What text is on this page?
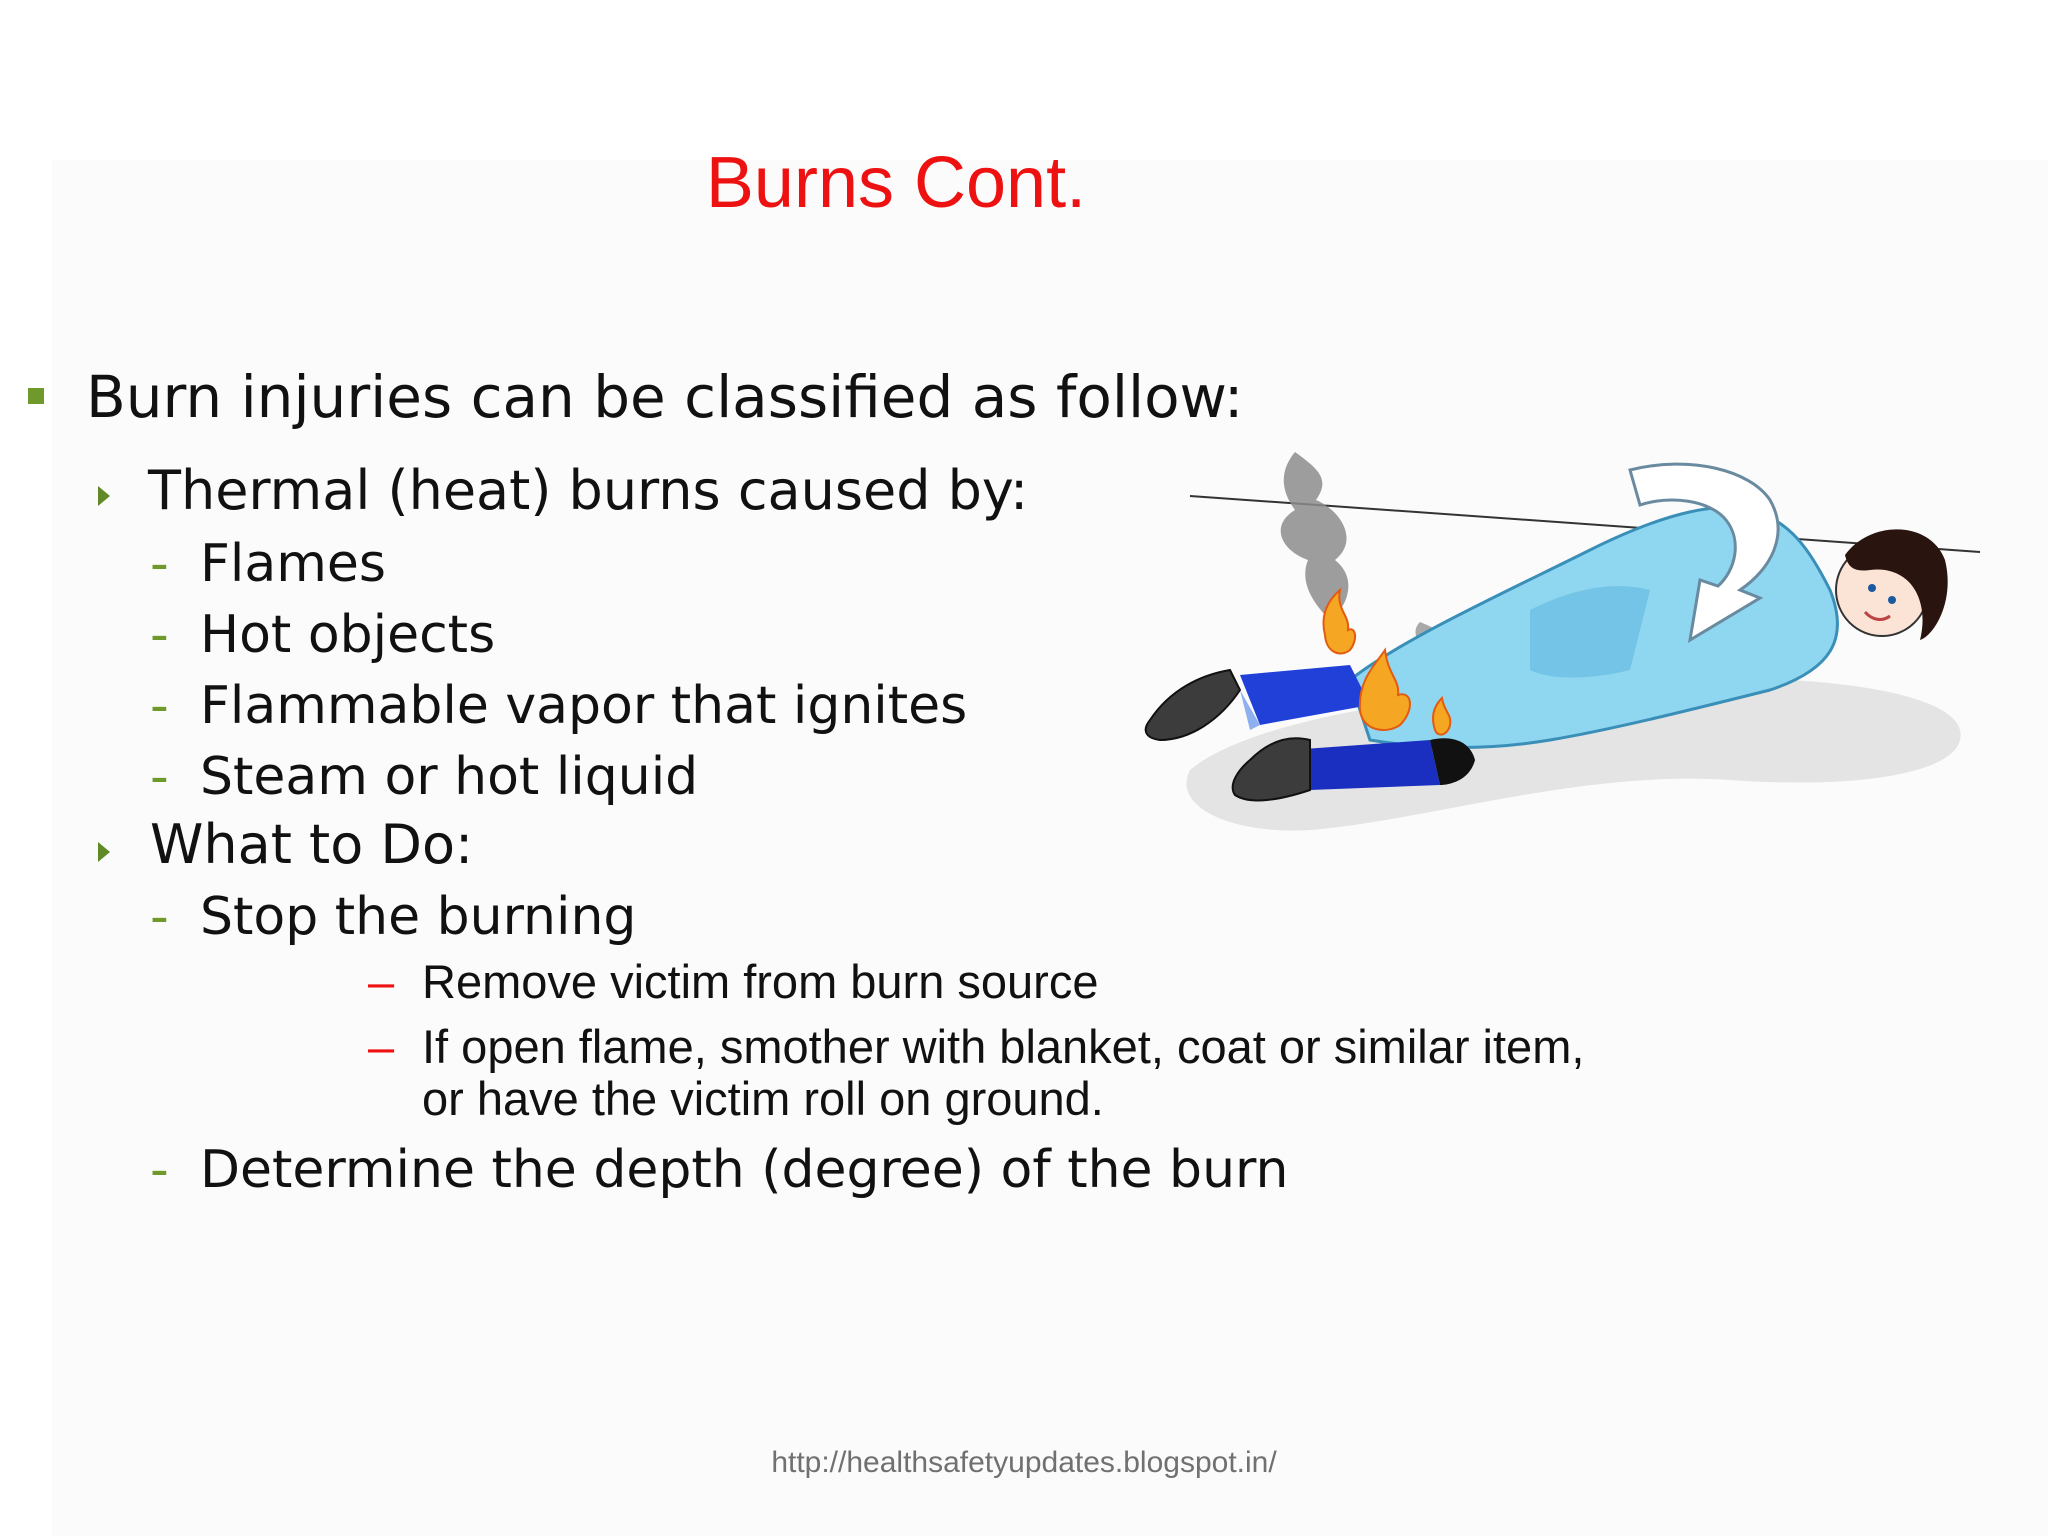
Burns Cont.
Burn injuries can be classified as follow:
Thermal (heat) burns caused by:
- Flames
- Hot objects
- Flammable vapor that ignites
- Steam or hot liquid
What to Do:
- Stop the burning
– Remove victim from burn source
– If open flame, smother with blanket, coat or similar item,
or have the victim roll on ground.
- Determine the depth (degree) of the burn
http://healthsafetyupdates.blogspot.in/
